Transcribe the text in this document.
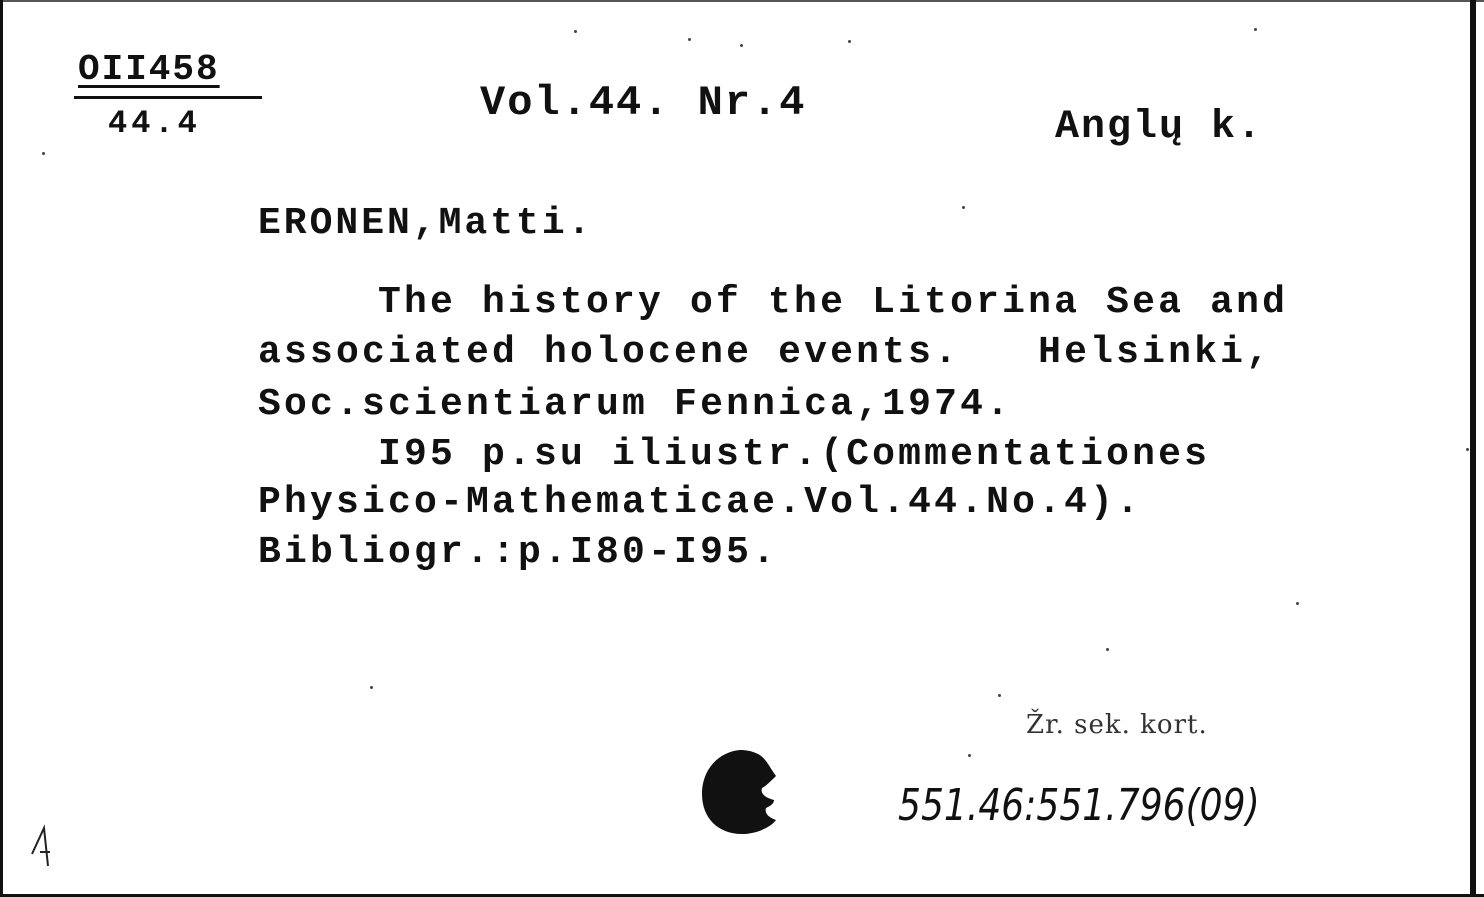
OII458
44.4	Vol.44. Nr.4
Anglų k.
ERONEN,Matti.
The history of the Litorina Sea and
associated holocene events.   Helsinki,
Soc.scientiarum Fennica,1974.
I95 p.su iliustr.(Commentationes
Physico-Mathematicae.Vol.44.No.4).
Bibliogr.:p.I80-I95.
Žr. sek. kort.
551.46:551.796(09)
